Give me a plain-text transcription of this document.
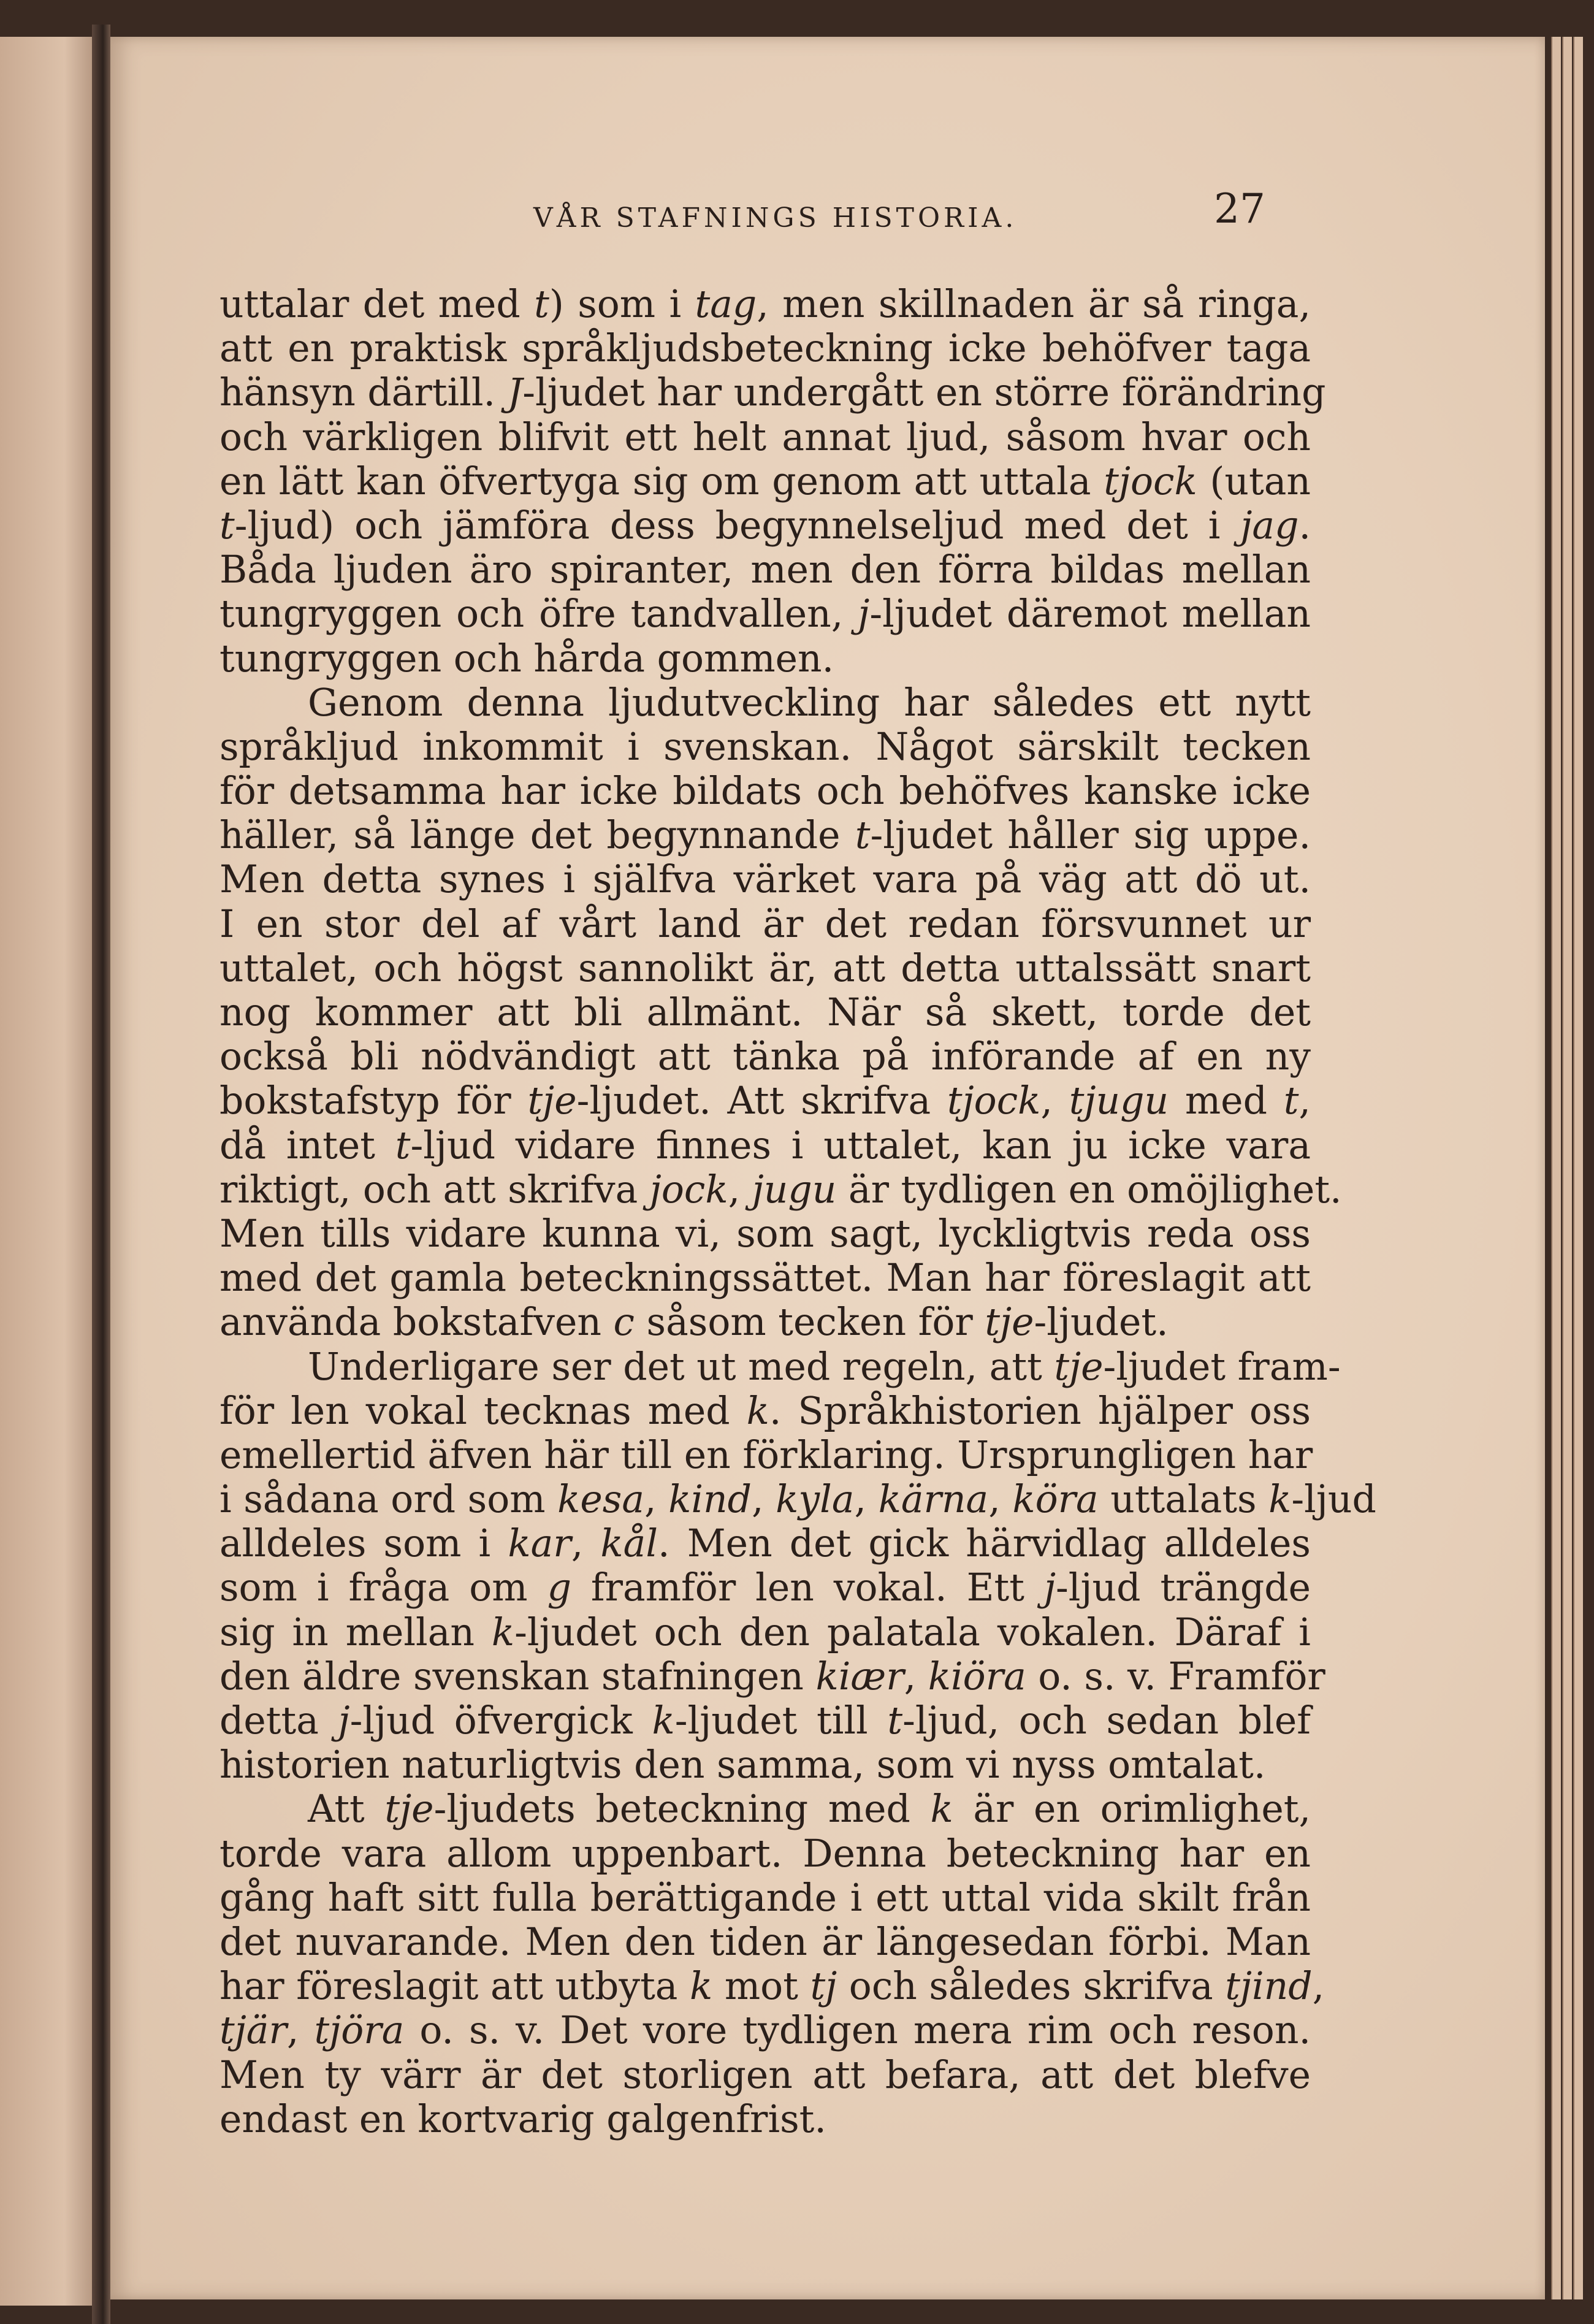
VÅR STAFNINGS HISTORIA.	27
uttalar det med t) som i tag, men skillnaden är så ringa,
att en praktisk språkljudsbeteckning icke behöfver taga
hänsyn därtill. J-ljudet har undergått en större förändring
och värkligen blifvit ett helt annat ljud, såsom hvar och
en lätt kan öfvertyga sig om genom att uttala tjock (utan
t-ljud) och jämföra dess begynnelseljud med det i jag.
Båda ljuden äro spiranter, men den förra bildas mellan
tungryggen och öfre tandvallen, j-ljudet däremot mellan
tungryggen och hårda gommen.
Genom denna ljudutveckling har således ett nytt
språkljud inkommit i svenskan. Något särskilt tecken
för detsamma har icke bildats och behöfves kanske icke
häller, så länge det begynnande t-ljudet håller sig uppe.
Men detta synes i själfva värket vara på väg att dö ut.
I en stor del af vårt land är det redan försvunnet ur
uttalet, och högst sannolikt är, att detta uttalssätt snart
nog kommer att bli allmänt. När så skett, torde det
också bli nödvändigt att tänka på införande af en ny
bokstafstyp för tje-ljudet. Att skrifva tjock, tjugu med t,
då intet t-ljud vidare finnes i uttalet, kan ju icke vara
riktigt, och att skrifva jock, jugu är tydligen en omöjlighet.
Men tills vidare kunna vi, som sagt, lyckligtvis reda oss
med det gamla beteckningssättet. Man har föreslagit att
använda bokstafven c såsom tecken för tje-ljudet.
Underligare ser det ut med regeln, att tje-ljudet fram-
för len vokal tecknas med k. Språkhistorien hjälper oss
emellertid äfven här till en förklaring. Ursprungligen har
i sådana ord som kesa, kind, kyla, kärna, köra uttalats k-ljud
alldeles som i kar, kål. Men det gick härvidlag alldeles
som i fråga om g framför len vokal. Ett j-ljud trängde
sig in mellan k-ljudet och den palatala vokalen. Däraf i
den äldre svenskan stafningen kiær, kiöra o. s. v. Framför
detta j-ljud öfvergick k-ljudet till t-ljud, och sedan blef
historien naturligtvis den samma, som vi nyss omtalat.
Att tje-ljudets beteckning med k är en orimlighet,
torde vara allom uppenbart. Denna beteckning har en
gång haft sitt fulla berättigande i ett uttal vida skilt från
det nuvarande. Men den tiden är längesedan förbi. Man
har föreslagit att utbyta k mot tj och således skrifva tjind,
tjär, tjöra o. s. v. Det vore tydligen mera rim och reson.
Men ty värr är det storligen att befara, att det blefve
endast en kortvarig galgenfrist.
